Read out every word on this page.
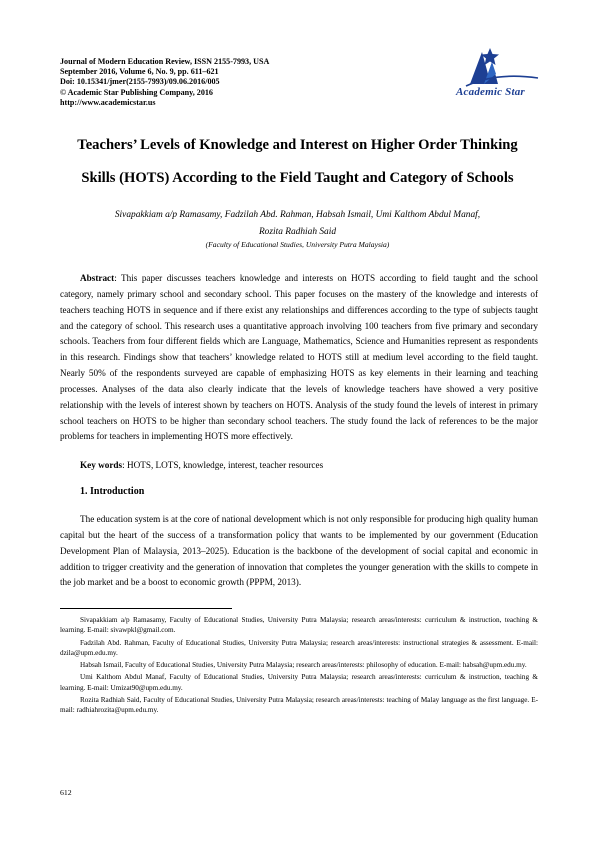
Journal of Modern Education Review, ISSN 2155-7993, USA
September 2016, Volume 6, No. 9, pp. 611–621
Doi: 10.15341/jmer(2155-7993)/09.06.2016/005
© Academic Star Publishing Company, 2016
http://www.academicstar.us
Academic Star
Teachers’ Levels of Knowledge and Interest on Higher Order Thinking
Skills (HOTS) According to the Field Taught and Category of Schools
Sivapakkiam a/p Ramasamy, Fadzilah Abd. Rahman, Habsah Ismail, Umi Kalthom Abdul Manaf,
Rozita Radhiah Said
(Faculty of Educational Studies, University Putra Malaysia)

Abstract: This paper discusses teachers knowledge and interests on HOTS according to field taught and the school category, namely primary school and secondary school. This paper focuses on the mastery of the knowledge and interests of teachers teaching HOTS in sequence and if there exist any relationships and differences according to the type of subjects taught and the category of school. This research uses a quantitative approach involving 100 teachers from five primary and secondary schools. Teachers from four different fields which are Language, Mathematics, Science and Humanities represent as respondents in this research. Findings show that teachers’ knowledge related to HOTS still at medium level according to the field taught. Nearly 50% of the respondents surveyed are capable of emphasizing HOTS as key elements in their learning and teaching processes. Analyses of the data also clearly indicate that the levels of knowledge teachers have showed a very positive relationship with the levels of interest shown by teachers on HOTS. Analysis of the study found the levels of interest in primary school teachers on HOTS to be higher than secondary school teachers. The study found the lack of references to be the major problems for teachers in implementing HOTS more effectively.

Key words: HOTS, LOTS, knowledge, interest, teacher resources
1. Introduction

The education system is at the core of national development which is not only responsible for producing high quality human capital but the heart of the success of a transformation policy that wants to be implemented by our government (Education Development Plan of Malaysia, 2013–2025). Education is the backbone of the development of social capital and economic in addition to trigger creativity and the generation of innovation that completes the younger generation with the skills to compete in the job market and be a boost to economic growth (PPPM, 2013).

Sivapakkiam a/p Ramasamy, Faculty of Educational Studies, University Putra Malaysia; research areas/interests: curriculum & instruction, teaching & learning. E-mail: sivawpkl@gmail.com.

Fadzilah Abd. Rahman, Faculty of Educational Studies, University Putra Malaysia; research areas/interests: instructional strategies & assessment. E-mail: dzila@upm.edu.my.

Habsah Ismail, Faculty of Educational Studies, University Putra Malaysia; research areas/interests: philosophy of education. E-mail: habsah@upm.edu.my.

Umi Kalthom Abdul Manaf, Faculty of Educational Studies, University Putra Malaysia; research areas/interests: curriculum & instruction, teaching & learning. E-mail: Umizat90@upm.edu.my.

Rozita Radhiah Said, Faculty of Educational Studies, University Putra Malaysia; research areas/interests: teaching of Malay language as the first language. E-mail: radhiahrozita@upm.edu.my.

612
